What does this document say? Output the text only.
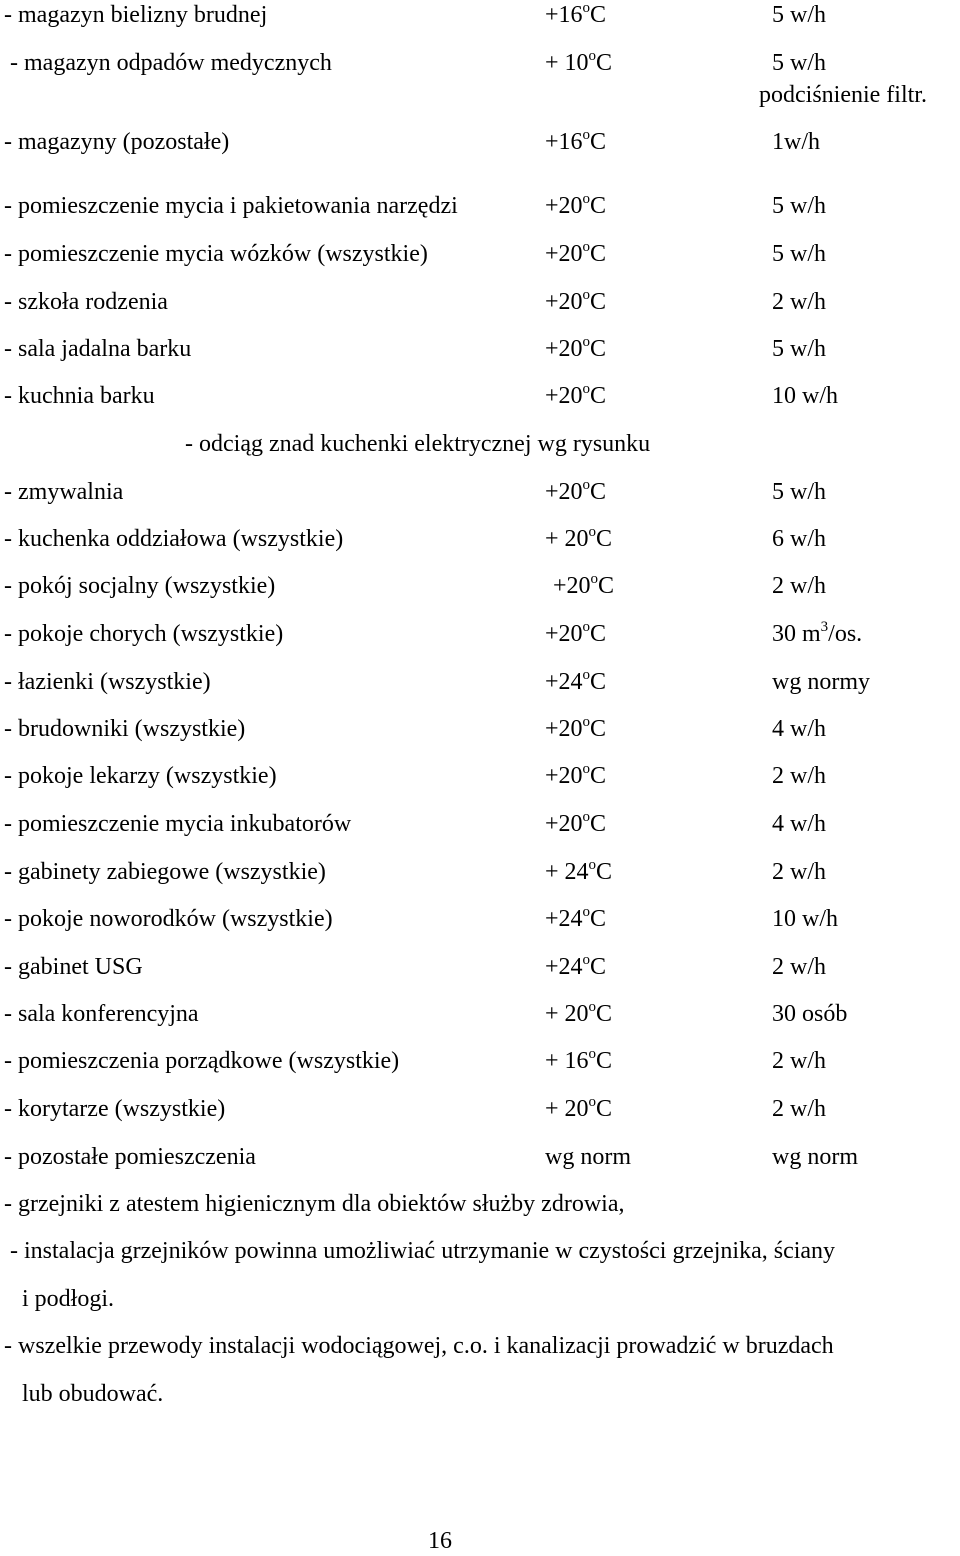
- magazyn bielizny brudnej	$+16^oC$	5 w/h
- magazyn odpadów medycznych	+ $10^oC$	5 w/h
podciśnienie filtr.
- magazyny (pozostałe)	$+16^oC$	1w/h
- pomieszczenie mycia i pakietowania narzędzi	$+20^oC$	5 w/h
- pomieszczenie mycia wózków (wszystkie)	$+20^oC$	5 w/h
- szkoła rodzenia	$+20^oC$	2 w/h
- sala jadalna barku	$+20^oC$	5 w/h
- kuchnia barku	$+20^oC$	10 w/h
- odciąg znad kuchenki elektrycznej wg rysunku
- zmywalnia	$+20^oC$	5 w/h
- kuchenka oddziałowa (wszystkie)	+ $20^oC$	6 w/h
- pokój socjalny (wszystkie)	$+20^oC$	2 w/h
- pokoje chorych (wszystkie)	$+20^oC$	30 $m^3/os$.
- łazienki (wszystkie)	$+24^oC$	wg normy
- brudowniki (wszystkie)	$+20^oC$	4 w/h
- pokoje lekarzy (wszystkie)	$+20^oC$	2 w/h
- pomieszczenie mycia inkubatorów	$+20^oC$	4 w/h
- gabinety zabiegowe (wszystkie)	+ $24^oC$	2 w/h
- pokoje noworodków (wszystkie)	$+24^oC$	10 w/h
- gabinet USG	$+24^oC$	2 w/h
- sala konferencyjna	+ $20^oC$	30 osób
- pomieszczenia porządkowe (wszystkie)	+ $16^oC$	2 w/h
- korytarze (wszystkie)	+ $20^oC$	2 w/h
- pozostałe pomieszczenia	wg norm	wg norm
- grzejniki z atestem higienicznym dla obiektów służby zdrowia,
- instalacja grzejników powinna umożliwiać utrzymanie w czystości grzejnika, ściany
i podłogi.
- wszelkie przewody instalacji wodociągowej, c.o. i kanalizacji prowadzić w bruzdach
lub obudować.
16
